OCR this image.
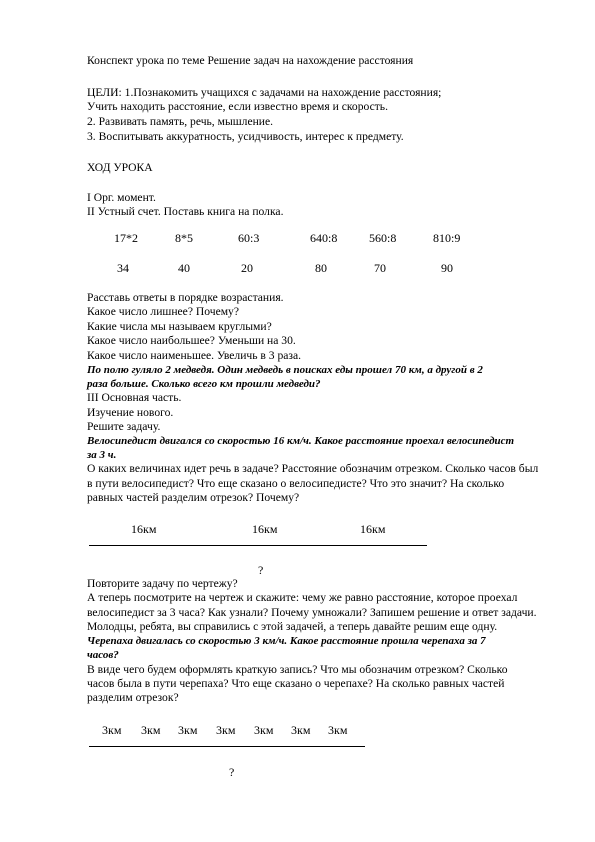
Конспект урока по теме Решение задач на нахождение расстояния

ЦЕЛИ: 1.Познакомить учащихся с задачами на нахождение расстояния;

Учить находить расстояние, если известно время и скорость.

2. Развивать память, речь, мышление.

3. Воспитывать аккуратность, усидчивость, интерес к предмету.

ХОД УРОКА

I Орг. момент.

II Устный счет. Поставь книга на полка.

17*2	8*5	60:3	640:8	560:8	810:9
34	40	20	80	70	90

Расставь ответы в порядке возрастания.

Какое число лишнее? Почему?

Какие числа мы называем круглыми?

Какое число наибольшее? Уменьши на 30.

Какое число наименьшее. Увеличь в 3 раза.

По полю гуляло 2 медведя. Один медведь в поисках еды прошел 70 км, а другой в 2

раза больше. Сколько всего км прошли медведи?

III Основная часть.

Изучение нового.

Решите задачу.

Велосипедист двигался со скоростью 16 км/ч. Какое расстояние проехал велосипедист

за 3 ч.

О каких величинах идет речь в задаче? Расстояние обозначим отрезком. Сколько часов был

в пути велосипедист? Что еще сказано о велосипедисте? Что это значит? На сколько

равных частей разделим отрезок? Почему?

16км	16км	16км
?

Повторите задачу по чертежу?

А теперь посмотрите на чертеж и скажите: чему же равно расстояние, которое проехал

велосипедист за 3 часа? Как узнали? Почему умножали? Запишем решение и ответ задачи.

Молодцы, ребята, вы справились с этой задачей, а теперь давайте решим еще одну.

Черепаха двигалась со скоростью 3 км/ч. Какое расстояние прошла черепаха за 7

часов?

В виде чего будем оформлять краткую запись? Что мы обозначим отрезком? Сколько

часов была в пути черепаха? Что еще сказано о черепахе? На сколько равных частей

разделим отрезок?

3км 3км 3км 3км 3км 3км 3км
?
